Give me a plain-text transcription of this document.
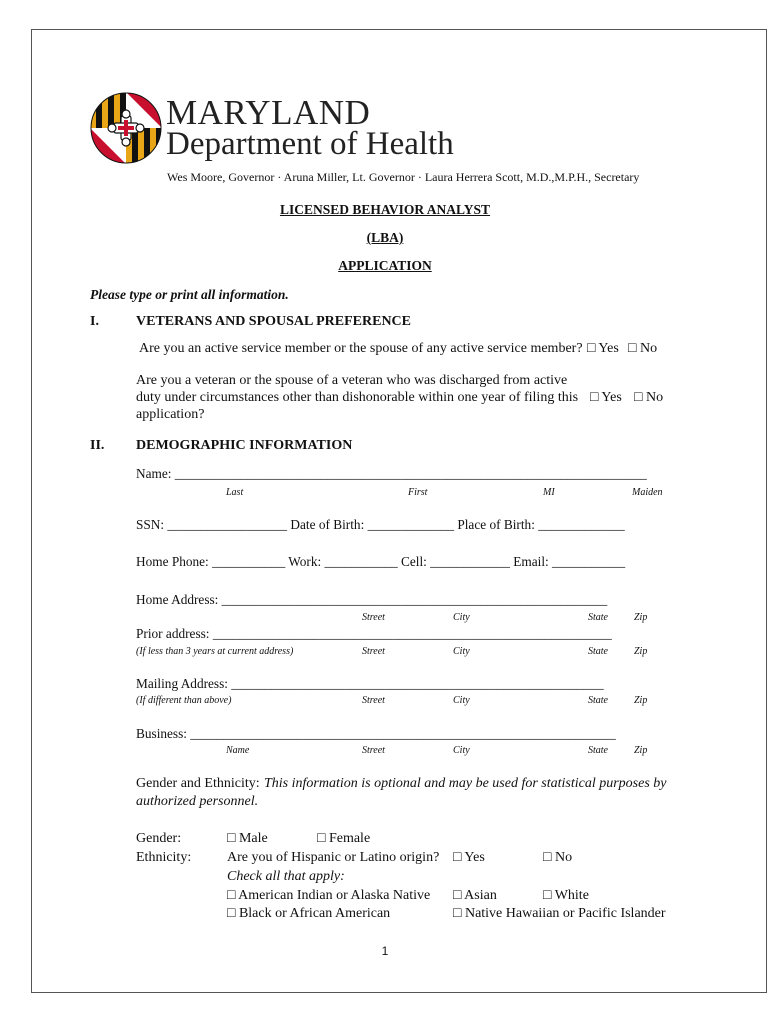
MARYLAND
Department of Health
Wes Moore, Governor · Aruna Miller, Lt. Governor · Laura Herrera Scott, M.D.,M.P.H., Secretary
LICENSED BEHAVIOR ANALYST
(LBA)
APPLICATION
Please type or print all information.
I.	VETERANS AND SPOUSAL PREFERENCE
Are you an active service member or the spouse of any active service member? □ Yes □ No
Are you a veteran or the spouse of a veteran who was discharged from active
duty under circumstances other than dishonorable within one year of filing this
application?
□ Yes □ No
II. DEMOGRAPHIC INFORMATION
Name: _______________________________________________________________________
Last	First	MI	Maiden
SSN: __________________ Date of Birth: _____________ Place of Birth: _____________
Home Phone: ___________ Work: ___________ Cell: ____________ Email: ___________
Home Address: __________________________________________________________
Street	City	State	Zip
Prior address: ____________________________________________________________
(If less than 3 years at current address)	Street	City	State	Zip
Mailing Address: ________________________________________________________
(If different than above)	Street	City	State	Zip
Business: ________________________________________________________________
Name	Street	City	State	Zip
Gender and Ethnicity: This information is optional and may be used for statistical purposes by
authorized personnel.
Gender:	□ Male	□ Female
Ethnicity:	Are you of Hispanic or Latino origin? □ Yes	□ No
Check all that apply:
□ American Indian or Alaska Native □ Asian	□ White
□ Black or African American	□ Native Hawaiian or Pacific Islander
1
